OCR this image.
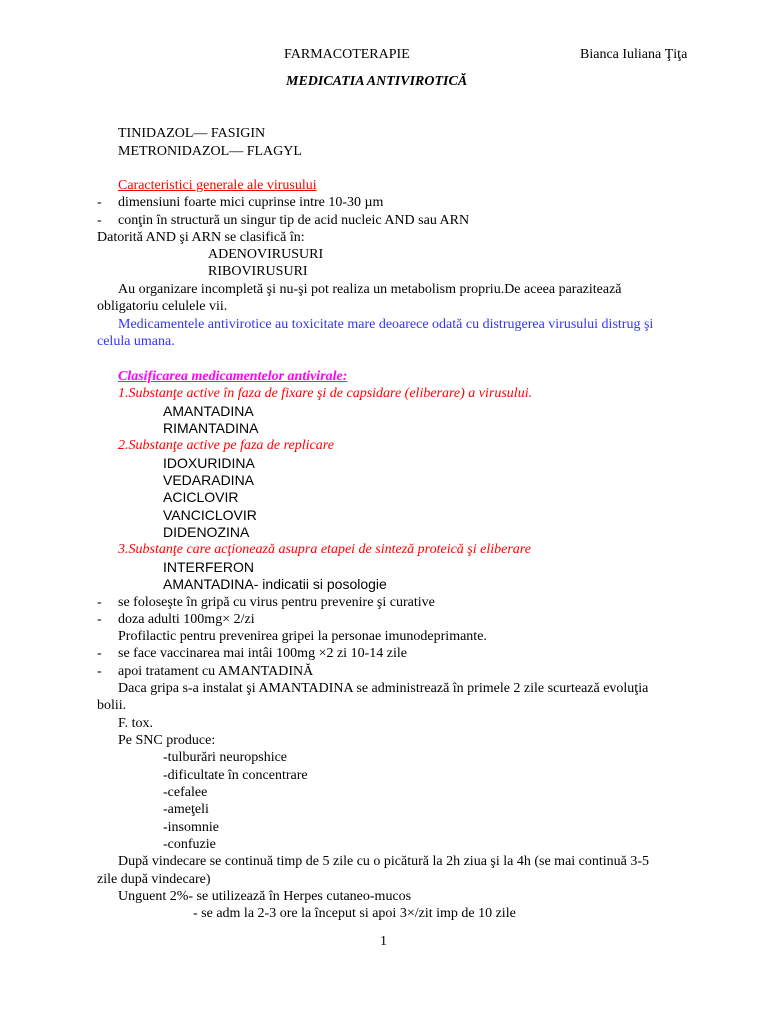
FARMACOTERAPIE	Bianca Iuliana Ţiţa
MEDICATIA ANTIVIROTICĂ
TINIDAZOL— FASIGIN
METRONIDAZOL— FLAGYL
Caracteristici generale ale virusului
- dimensiuni foarte mici cuprinse intre 10-30 µm
- conţin în structură un singur tip de acid nucleic AND sau ARN
Datorită AND şi ARN se clasifică în:
ADENOVIRUSURI
RIBOVIRUSURI
Au organizare incompletă şi nu-şi pot realiza un metabolism propriu.De aceea parazitează
obligatoriu celulele vii.
Medicamentele antivirotice au toxicitate mare deoarece odată cu distrugerea virusului distrug şi
celula umana.
Clasificarea medicamentelor antivirale:
1.Substanţe active în faza de fixare şi de capsidare (eliberare) a virusului.
AMANTADINA
RIMANTADINA
2.Substanţe active pe faza de replicare
IDOXURIDINA
VEDARADINA
ACICLOVIR
VANCICLOVIR
DIDENOZINA
3.Substanţe care acţionează asupra etapei de sinteză proteică şi eliberare
INTERFERON
AMANTADINA- indicatii si posologie
- se foloseşte în gripă cu virus pentru prevenire şi curative
- doza adulti 100mg× 2/zi
Profilactic pentru prevenirea gripei la personae imunodeprimante.
- se face vaccinarea mai intâi 100mg ×2 zi 10-14 zile
- apoi tratament cu AMANTADINĂ
Daca gripa s-a instalat şi AMANTADINA se administrează în primele 2 zile scurtează evoluţia
bolii.
F. tox.
Pe SNC produce:
-tulburări neuropshice
-dificultate în concentrare
-cefalee
-ameţeli
-insomnie
-confuzie
După vindecare se continuă timp de 5 zile cu o picătură la 2h ziua şi la 4h (se mai continuă 3-5
zile după vindecare)
Unguent 2%- se utilizează în Herpes cutaneo-mucos
- se adm la 2-3 ore la început si apoi 3×/zit imp de 10 zile
1
